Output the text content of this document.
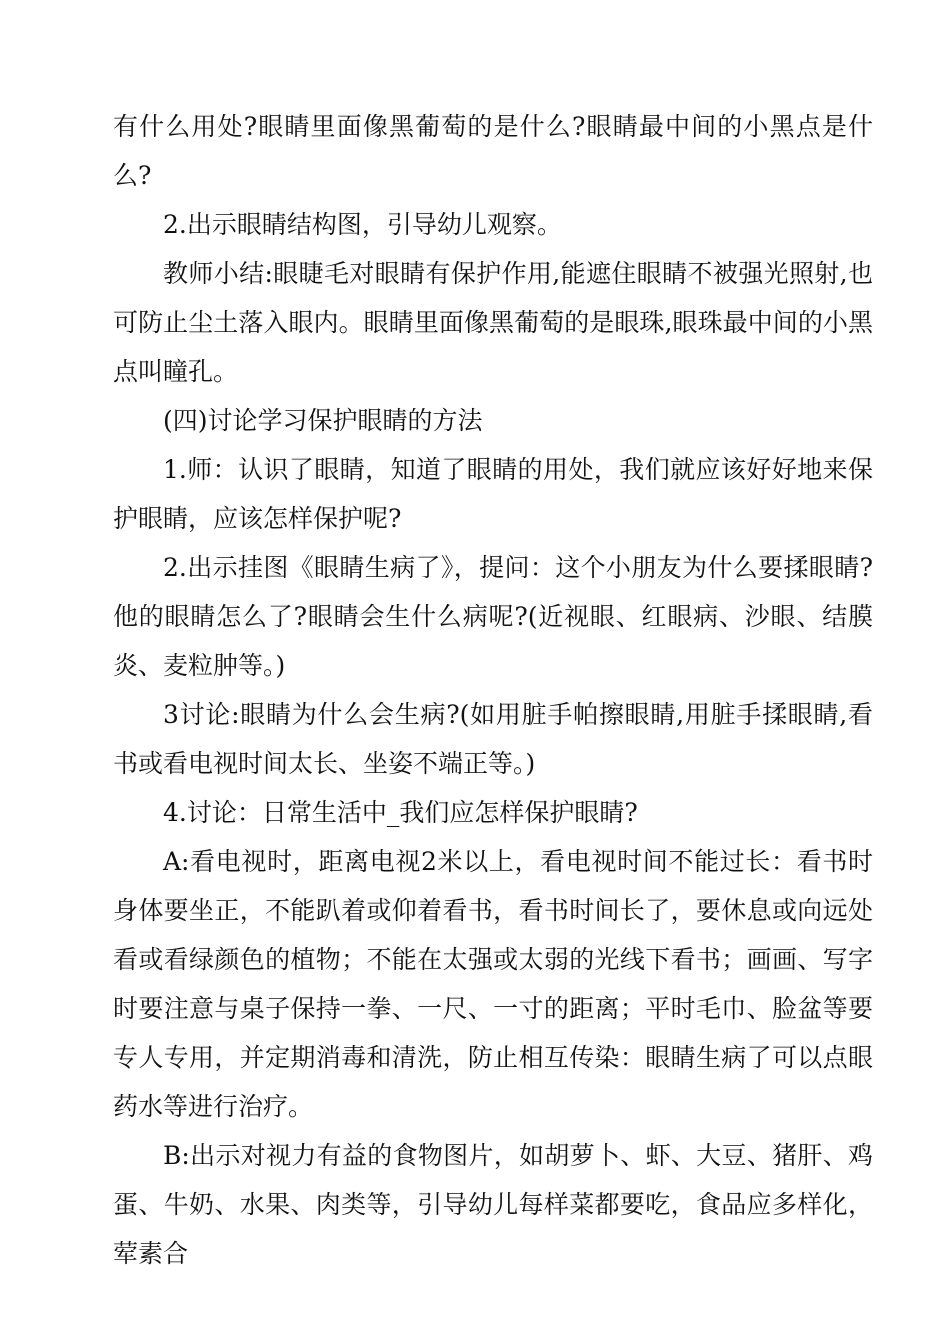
有什么用处?眼睛里面像黑葡萄的是什么?眼睛最中间的小黑点是什么?

2.出示眼睛结构图，引导幼儿观察。

教师小结:眼睫毛对眼睛有保护作用,能遮住眼睛不被强光照射,也可防止尘土落入眼内。眼睛里面像黑葡萄的是眼珠,眼珠最中间的小黑点叫瞳孔。

(四)讨论学习保护眼睛的方法

1.师：认识了眼睛，知道了眼睛的用处，我们就应该好好地来保护眼睛，应该怎样保护呢?

2.出示挂图《眼睛生病了》，提问：这个小朋友为什么要揉眼睛?他的眼睛怎么了?眼睛会生什么病呢?(近视眼、红眼病、沙眼、结膜炎、麦粒肿等。)

3讨论:眼睛为什么会生病?(如用脏手帕擦眼睛,用脏手揉眼睛,看书或看电视时间太长、坐姿不端正等。)

4.讨论：日常生活中_我们应怎样保护眼睛?

A:看电视时，距离电视2米以上，看电视时间不能过长：看书时身体要坐正，不能趴着或仰着看书，看书时间长了，要休息或向远处看或看绿颜色的植物；不能在太强或太弱的光线下看书；画画、写字时要注意与桌子保持一拳、一尺、一寸的距离；平时毛巾、脸盆等要专人专用，并定期消毒和清洗，防止相互传染：眼睛生病了可以点眼药水等进行治疗。

B:出示对视力有益的食物图片，如胡萝卜、虾、大豆、猪肝、鸡蛋、牛奶、水果、肉类等，引导幼儿每样菜都要吃，食品应多样化，荤素合
